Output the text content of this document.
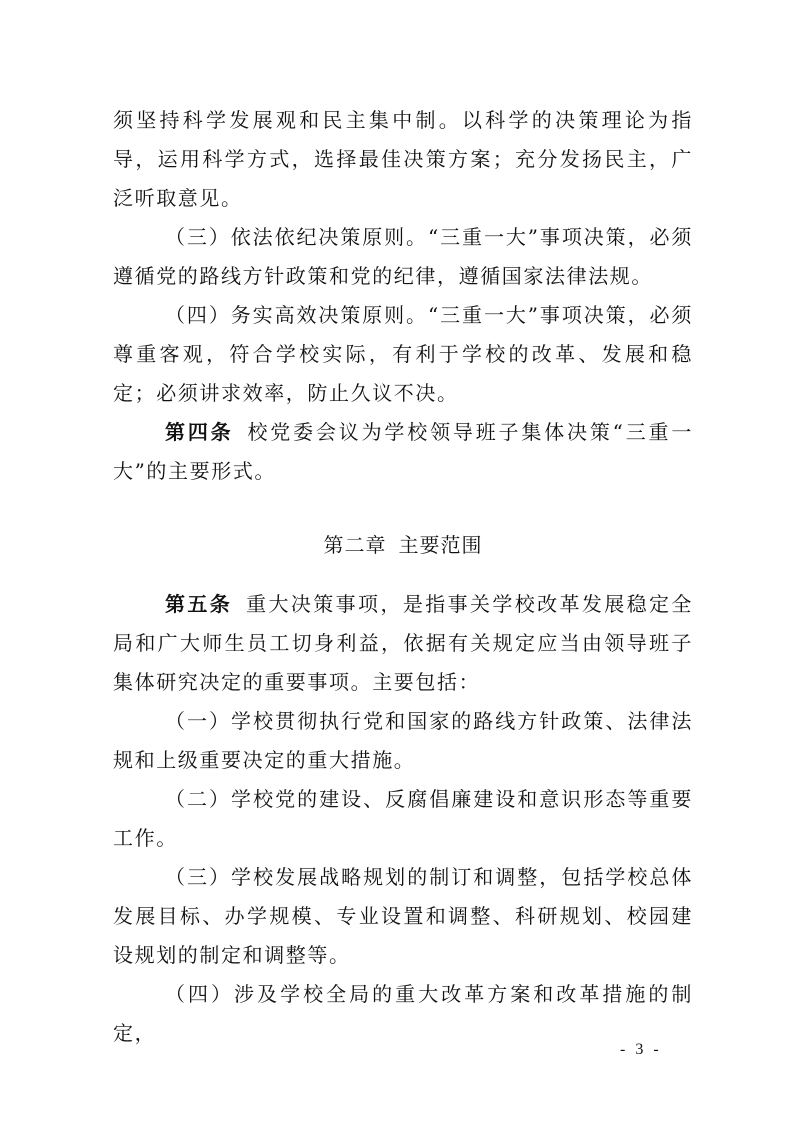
须坚持科学发展观和民主集中制。以科学的决策理论为指导，运用科学方式，选择最佳决策方案；充分发扬民主，广泛听取意见。

（三）依法依纪决策原则。“三重一大”事项决策，必须遵循党的路线方针政策和党的纪律，遵循国家法律法规。

（四）务实高效决策原则。“三重一大”事项决策，必须尊重客观，符合学校实际，有利于学校的改革、发展和稳定；必须讲求效率，防止久议不决。

第四条 校党委会议为学校领导班子集体决策“三重一大”的主要形式。

第二章 主要范围

第五条 重大决策事项，是指事关学校改革发展稳定全局和广大师生员工切身利益，依据有关规定应当由领导班子集体研究决定的重要事项。主要包括：

（一）学校贯彻执行党和国家的路线方针政策、法律法规和上级重要决定的重大措施。

（二）学校党的建设、反腐倡廉建设和意识形态等重要工作。

（三）学校发展战略规划的制订和调整，包括学校总体发展目标、办学规模、专业设置和调整、科研规划、校园建设规划的制定和调整等。

（四）涉及学校全局的重大改革方案和改革措施的制定，

- 3 -
